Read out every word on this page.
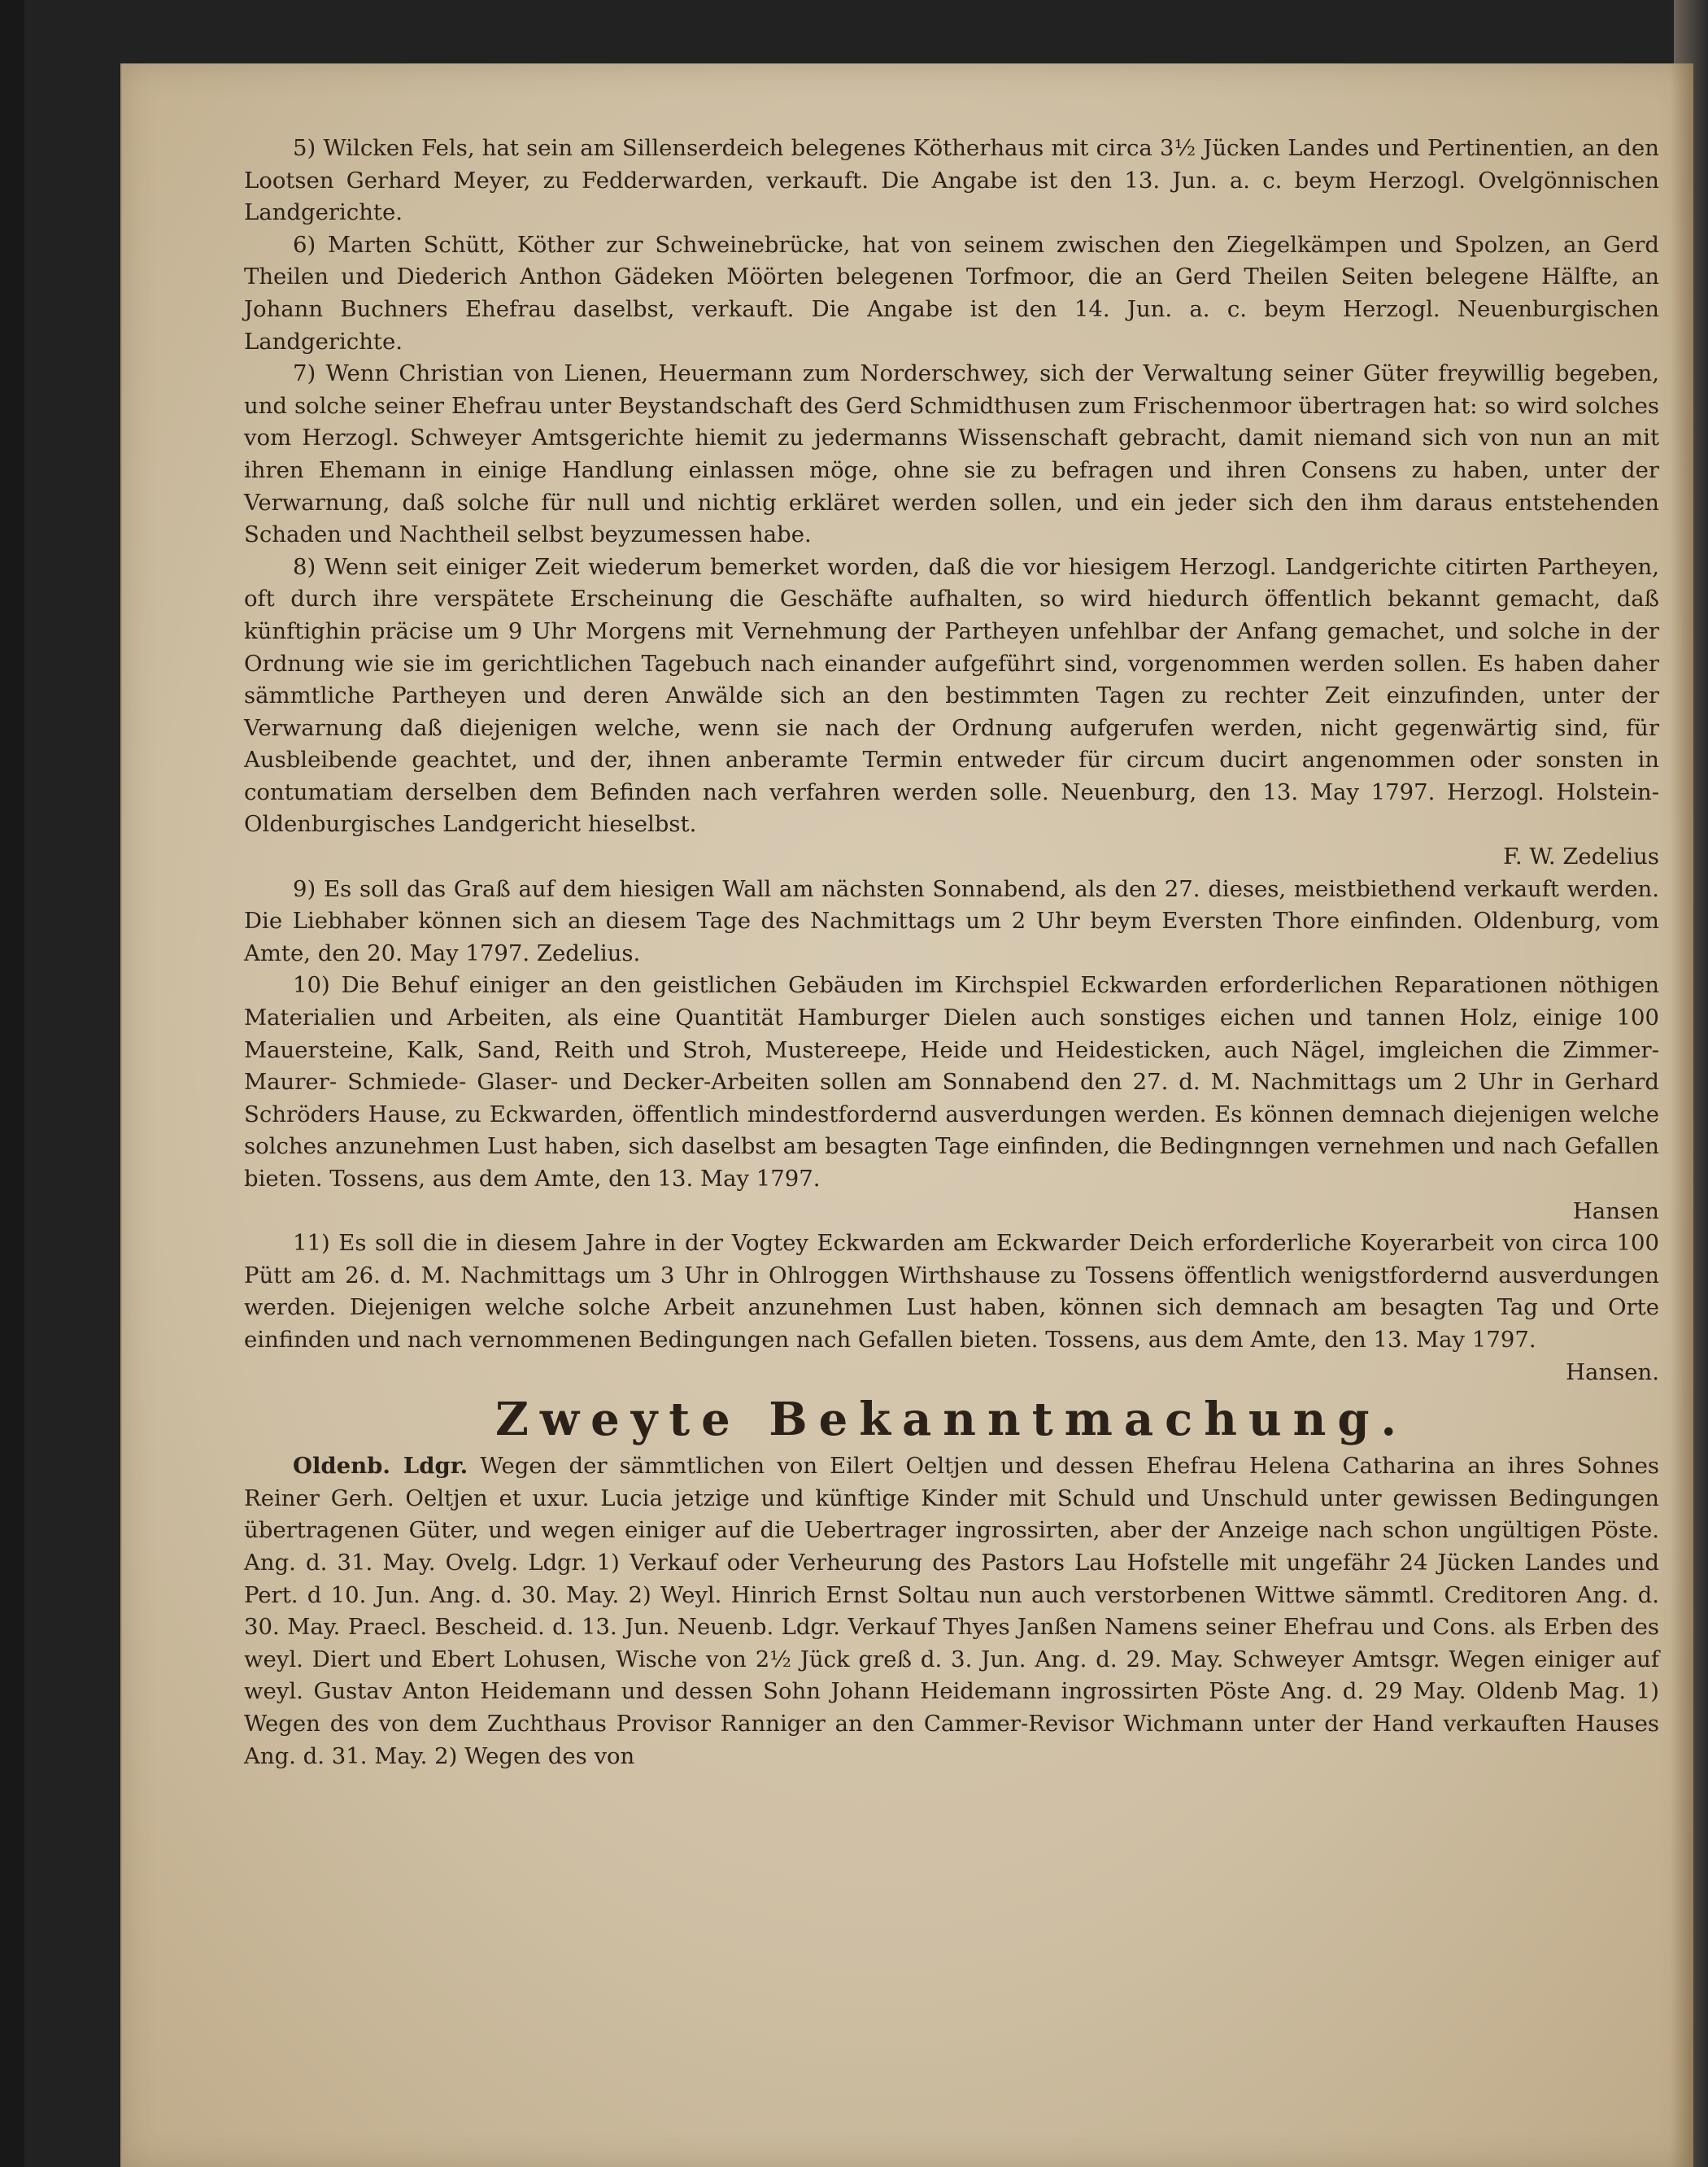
5) Wilcken Fels, hat sein am Sillenserdeich belegenes Kötherhaus mit circa 3½ Jücken Landes und Pertinentien, an den Lootsen Gerhard Meyer, zu Fedderwarden, verkauft. Die Angabe ist den 13. Jun. a. c. beym Herzogl. Ovelgönnischen Landgerichte.

6) Marten Schütt, Köther zur Schweinebrücke, hat von seinem zwischen den Ziegelkämpen und Spolzen, an Gerd Theilen und Diederich Anthon Gädeken Möörten belegenen Torfmoor, die an Gerd Theilen Seiten belegene Hälfte, an Johann Buchners Ehefrau daselbst, verkauft. Die Angabe ist den 14. Jun. a. c. beym Herzogl. Neuenburgischen Landgerichte.

7) Wenn Christian von Lienen, Heuermann zum Norderschwey, sich der Verwaltung seiner Güter freywillig begeben, und solche seiner Ehefrau unter Beystandschaft des Gerd Schmidthusen zum Frischenmoor übertragen hat: so wird solches vom Herzogl. Schweyer Amtsgerichte hiemit zu jedermanns Wissenschaft gebracht, damit niemand sich von nun an mit ihren Ehemann in einige Handlung einlassen möge, ohne sie zu befragen und ihren Consens zu haben, unter der Verwarnung, daß solche für null und nichtig erkläret werden sollen, und ein jeder sich den ihm daraus entstehenden Schaden und Nachtheil selbst beyzumessen habe.

8) Wenn seit einiger Zeit wiederum bemerket worden, daß die vor hiesigem Herzogl. Landgerichte citirten Partheyen, oft durch ihre verspätete Erscheinung die Geschäfte aufhalten, so wird hiedurch öffentlich bekannt gemacht, daß künftighin präcise um 9 Uhr Morgens mit Vernehmung der Partheyen unfehlbar der Anfang gemachet, und solche in der Ordnung wie sie im gerichtlichen Tagebuch nach einander aufgeführt sind, vorgenommen werden sollen. Es haben daher sämmtliche Partheyen und deren Anwälde sich an den bestimmten Tagen zu rechter Zeit einzufinden, unter der Verwarnung daß diejenigen welche, wenn sie nach der Ordnung aufgerufen werden, nicht gegenwärtig sind, für Ausbleibende geachtet, und der, ihnen anberamte Termin entweder für circum ducirt angenommen oder sonsten in contumatiam derselben dem Befinden nach verfahren werden solle. Neuenburg, den 13. May 1797. Herzogl. Holstein-Oldenburgisches Landgericht hieselbst.

F. W. Zedelius

9) Es soll das Graß auf dem hiesigen Wall am nächsten Sonnabend, als den 27. dieses, meistbiethend verkauft werden. Die Liebhaber können sich an diesem Tage des Nachmittags um 2 Uhr beym Eversten Thore einfinden. Oldenburg, vom Amte, den 20. May 1797. Zedelius.

10) Die Behuf einiger an den geistlichen Gebäuden im Kirchspiel Eckwarden erforderlichen Reparationen nöthigen Materialien und Arbeiten, als eine Quantität Hamburger Dielen auch sonstiges eichen und tannen Holz, einige 100 Mauersteine, Kalk, Sand, Reith und Stroh, Mustereepe, Heide und Heidesticken, auch Nägel, imgleichen die Zimmer- Maurer- Schmiede- Glaser- und Decker-Arbeiten sollen am Sonnabend den 27. d. M. Nachmittags um 2 Uhr in Gerhard Schröders Hause, zu Eckwarden, öffentlich mindestfordernd ausverdungen werden. Es können demnach diejenigen welche solches anzunehmen Lust haben, sich daselbst am besagten Tage einfinden, die Bedingnngen vernehmen und nach Gefallen bieten. Tossens, aus dem Amte, den 13. May 1797.

Hansen

11) Es soll die in diesem Jahre in der Vogtey Eckwarden am Eckwarder Deich erforderliche Koyerarbeit von circa 100 Pütt am 26. d. M. Nachmittags um 3 Uhr in Ohlroggen Wirthshause zu Tossens öffentlich wenigstfordernd ausverdungen werden. Diejenigen welche solche Arbeit anzunehmen Lust haben, können sich demnach am besagten Tag und Orte einfinden und nach vernommenen Bedingungen nach Gefallen bieten. Tossens, aus dem Amte, den 13. May 1797.

Hansen.

Zweyte Bekanntmachung.

Oldenb. Ldgr. Wegen der sämmtlichen von Eilert Oeltjen und dessen Ehefrau Helena Catharina an ihres Sohnes Reiner Gerh. Oeltjen et uxur. Lucia jetzige und künftige Kinder mit Schuld und Unschuld unter gewissen Bedingungen übertragenen Güter, und wegen einiger auf die Uebertrager ingrossirten, aber der Anzeige nach schon ungültigen Pöste. Ang. d. 31. May. Ovelg. Ldgr. 1) Verkauf oder Verheurung des Pastors Lau Hofstelle mit ungefähr 24 Jücken Landes und Pert. d 10. Jun. Ang. d. 30. May. 2) Weyl. Hinrich Ernst Soltau nun auch verstorbenen Wittwe sämmtl. Creditoren Ang. d. 30. May. Praecl. Bescheid. d. 13. Jun. Neuenb. Ldgr. Verkauf Thyes Janßen Namens seiner Ehefrau und Cons. als Erben des weyl. Diert und Ebert Lohusen, Wische von 2½ Jück greß d. 3. Jun. Ang. d. 29. May. Schweyer Amtsgr. Wegen einiger auf weyl. Gustav Anton Heidemann und dessen Sohn Johann Heidemann ingrossirten Pöste Ang. d. 29 May. Oldenb Mag. 1) Wegen des von dem Zuchthaus Provisor Ranniger an den Cammer-Revisor Wichmann unter der Hand verkauften Hauses Ang. d. 31. May. 2) Wegen des von
